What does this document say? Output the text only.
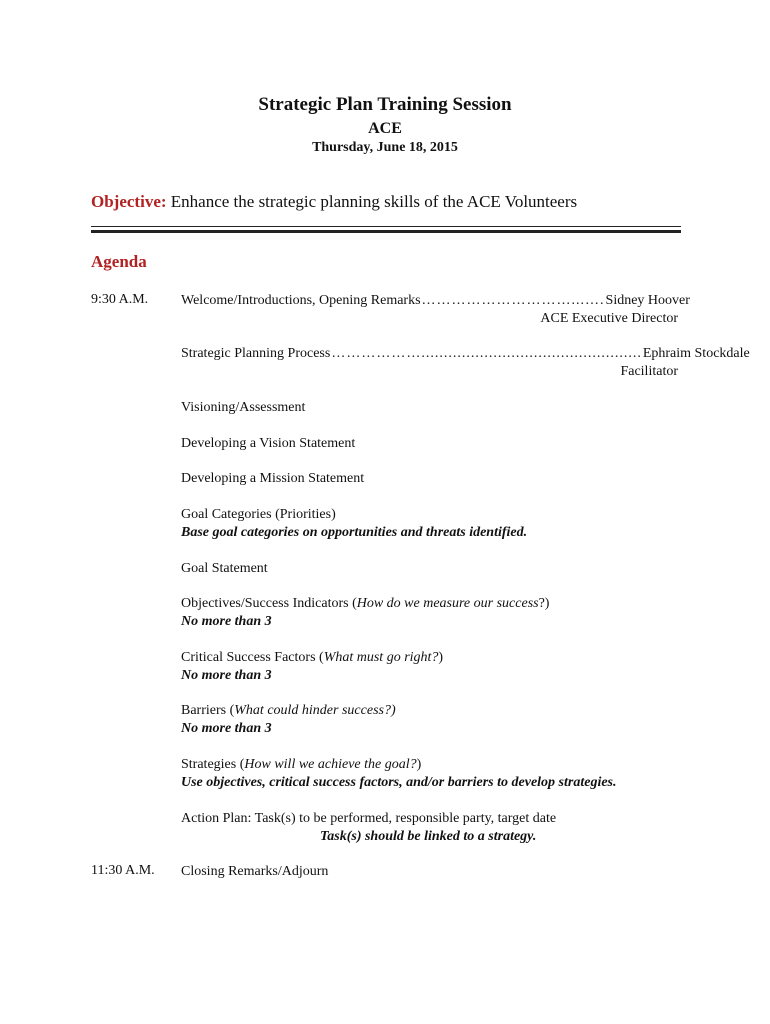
Strategic Plan Training Session
ACE
Thursday, June 18, 2015
Objective: Enhance the strategic planning skills of the ACE Volunteers
Agenda
9:30 A.M. Welcome/Introductions, Opening Remarks …………………………...…. Sidney Hoover
ACE Executive Director
Strategic Planning Process ………………................................................. Ephraim Stockdale
Facilitator
Visioning/Assessment
Developing a Vision Statement
Developing a Mission Statement
Goal Categories (Priorities)
Base goal categories on opportunities and threats identified.
Goal Statement
Objectives/Success Indicators (How do we measure our success?)
No more than 3
Critical Success Factors (What must go right?)
No more than 3
Barriers (What could hinder success?)
No more than 3
Strategies (How will we achieve the goal?)
Use objectives, critical success factors, and/or barriers to develop strategies.
Action Plan: Task(s) to be performed, responsible party, target date
Task(s) should be linked to a strategy.
11:30 A.M. Closing Remarks/Adjourn
